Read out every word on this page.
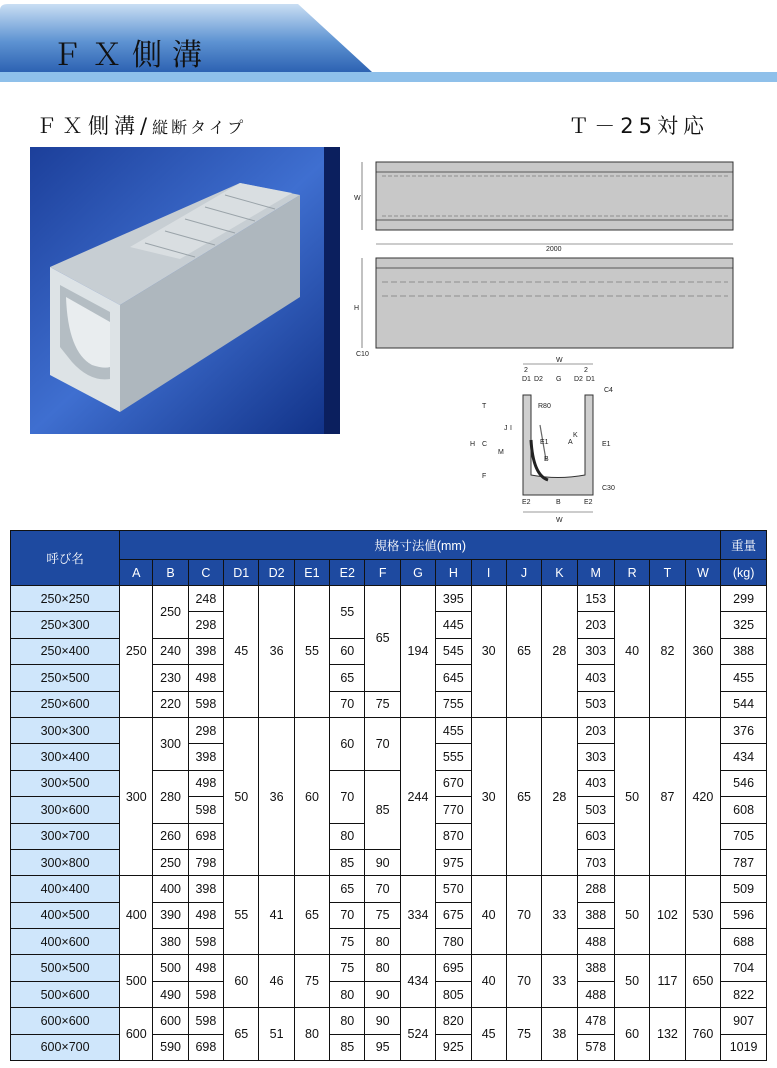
ＦＸ側溝
ＦＸ側溝/縦断タイプ	Ｔ－25対応
W
2000
H
C10
W
2	2
D1 D2 G D2 D1
C4
R80
T
J I
K
E1	A	E1
B
H C
M
F
C30
E2	B	E2
W
呼び名	規格寸法値(mm)																	重量
	A	B	C	D1	D2	E1	E2	F	G	H	I	J	K	M	R	T	W	(kg)
250×250	250	250	248	45	36	55	55	65	194	395	30	65	28	153	40	82	360	299
250×300			298							445				203				325
250×400		240	398				60			545				303				388
250×500		230	498				65			645				403				455
250×600		220	598				70	75		755				503				544
300×300	300	300	298	50	36	60	60	70	244	455	30	65	28	203	50	87	420	376
300×400			398							555				303				434
300×500		280	498				70	85		670				403				546
300×600			598							770				503				608
300×700		260	698				80			870				603				705
300×800		250	798				85	90		975				703				787
400×400	400	400	398	55	41	65	65	70	334	570	40	70	33	288	50	102	530	509
400×500		390	498				70	75		675				388				596
400×600		380	598				75	80		780				488				688
500×500	500	500	498	60	46	75	75	80	434	695	40	70	33	388	50	117	650	704
500×600		490	598				80	90		805				488				822
600×600	600	600	598	65	51	80	80	90	524	820	45	75	38	478	60	132	760	907
600×700		590	698				85	95		925				578				1019
